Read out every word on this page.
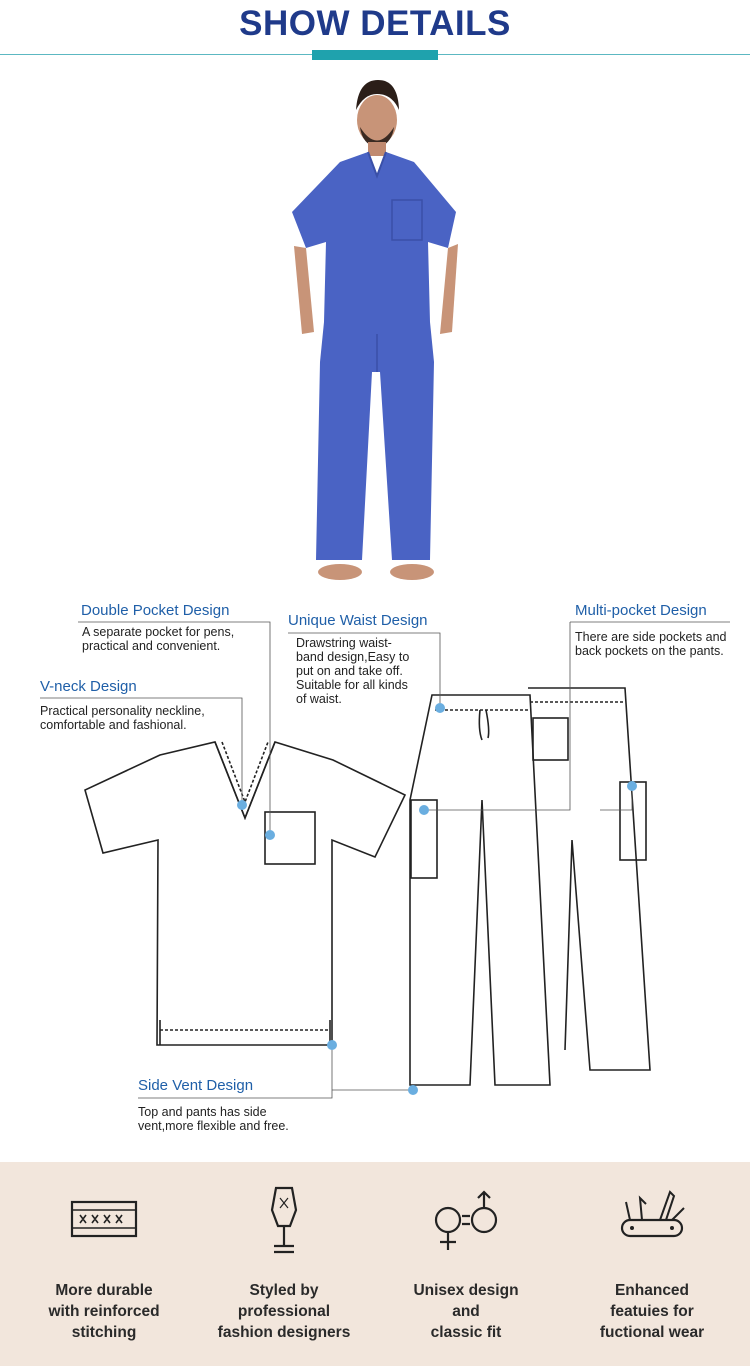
SHOW DETAILS
Double Pocket Design
A separate pocket for pens, practical and convenient.
Unique Waist Design
Drawstring waist-band design,Easy to put on and take off. Suitable for all kinds of waist.
Multi-pocket Design
There are side pockets and back pockets on the pants.
V-neck Design
Practical personality neckline, comfortable and fashional.
Side Vent Design
Top and pants has side vent,more flexible and free.
More durable
with reinforced
stitching
Styled by
professional
fashion designers
Unisex design
and
classic fit
Enhanced
featuies for
fuctional wear
